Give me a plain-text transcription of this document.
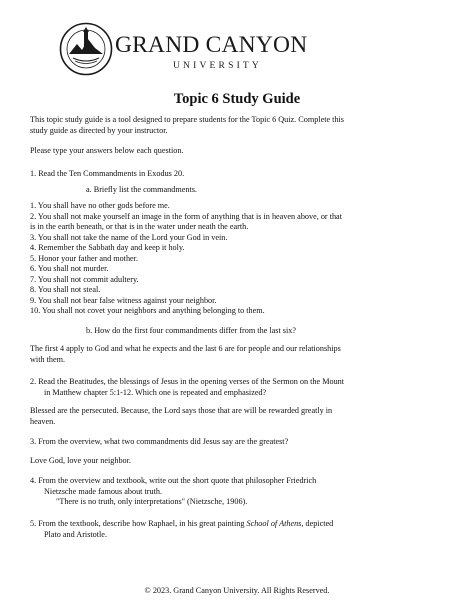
GRAND CANYON
UNIVERSITY
Topic 6 Study Guide
This topic study guide is a tool designed to prepare students for the Topic 6 Quiz. Complete this
study guide as directed by your instructor.
Please type your answers below each question.
1. Read the Ten Commandments in Exodus 20.
a. Briefly list the commandments.
1. You shall have no other gods before me.
2. You shall not make yourself an image in the form of anything that is in heaven above, or that
is in the earth beneath, or that is in the water under neath the earth.
3. You shall not take the name of the Lord your God in vein.
4. Remember the Sabbath day and keep it holy.
5. Honor your father and mother.
6. You shall not murder.
7. You shall not commit adultery.
8. You shall not steal.
9. You shall not bear false witness against your neighbor.
10. You shall not covet your neighbors and anything belonging to them.
b. How do the first four commandments differ from the last six?
The first 4 apply to God and what he expects and the last 6 are for people and our relationships
with them.
2. Read the Beatitudes, the blessings of Jesus in the opening verses of the Sermon on the Mount
in Matthew chapter 5:1-12. Which one is repeated and emphasized?
Blessed are the persecuted. Because, the Lord says those that are will be rewarded greatly in
heaven.
3. From the overview, what two commandments did Jesus say are the greatest?
Love God, love your neighbor.
4. From the overview and textbook, write out the short quote that philosopher Friedrich
Nietzsche made famous about truth.
"There is no truth, only interpretations" (Nietzsche, 1906).
5. From the textbook, describe how Raphael, in his great painting School of Athens, depicted
Plato and Aristotle.
© 2023. Grand Canyon University. All Rights Reserved.
